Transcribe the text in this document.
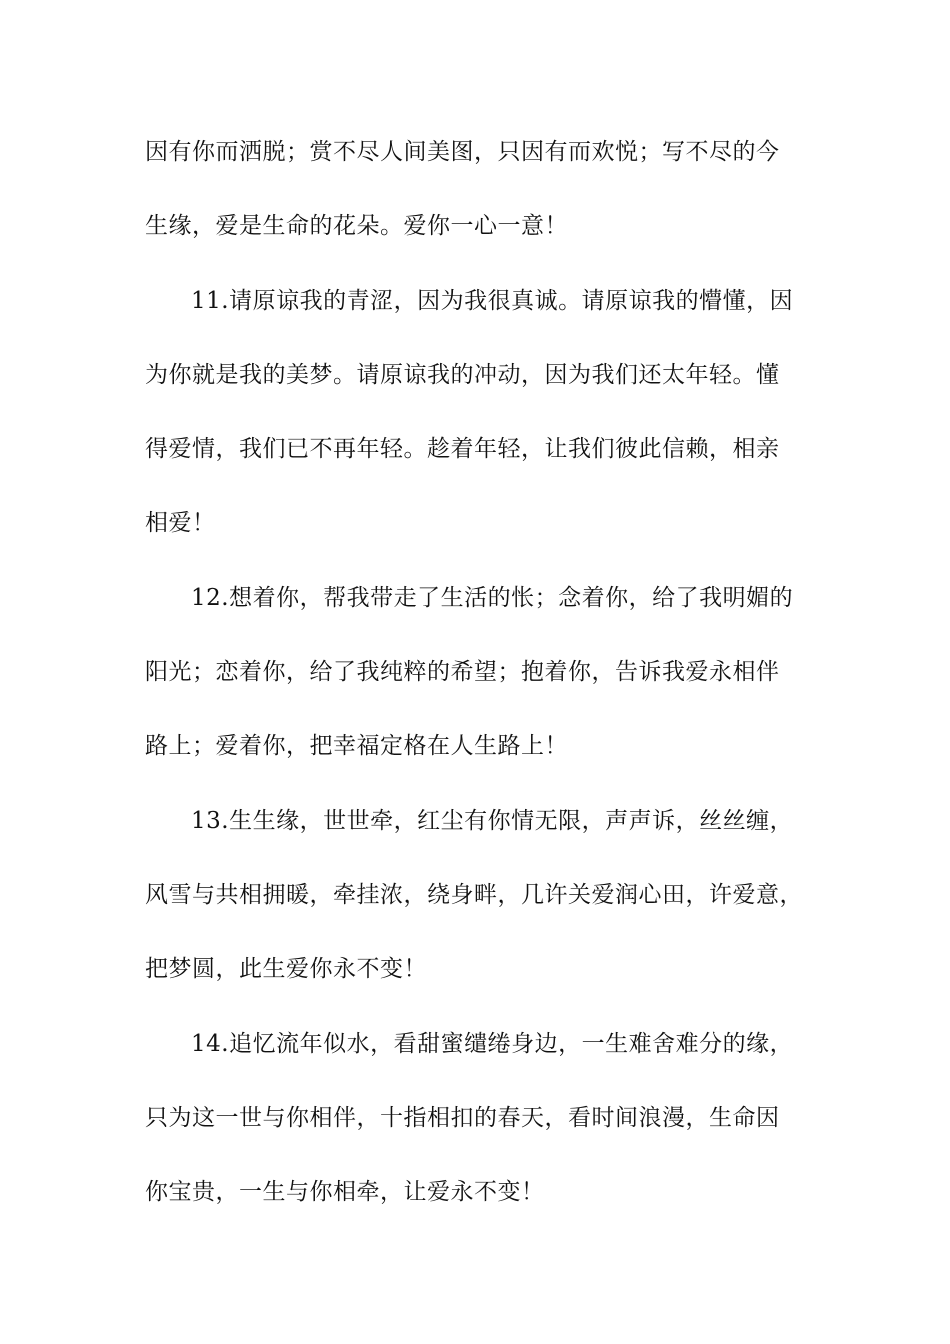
因有你而洒脱；赏不尽人间美图，只因有而欢悦；写不尽的今
生缘，爱是生命的花朵。爱你一心一意！
11.请原谅我的青涩，因为我很真诚。请原谅我的懵懂，因
为你就是我的美梦。请原谅我的冲动，因为我们还太年轻。懂
得爱情，我们已不再年轻。趁着年轻，让我们彼此信赖，相亲
相爱！
12.想着你，帮我带走了生活的怅；念着你，给了我明媚的
阳光；恋着你，给了我纯粹的希望；抱着你，告诉我爱永相伴
路上；爱着你，把幸福定格在人生路上！
13.生生缘，世世牵，红尘有你情无限，声声诉，丝丝缠，
风雪与共相拥暖，牵挂浓，绕身畔，几许关爱润心田，许爱意，
把梦圆，此生爱你永不变！
14.追忆流年似水，看甜蜜缱绻身边，一生难舍难分的缘，
只为这一世与你相伴，十指相扣的春天，看时间浪漫，生命因
你宝贵，一生与你相牵，让爱永不变！
